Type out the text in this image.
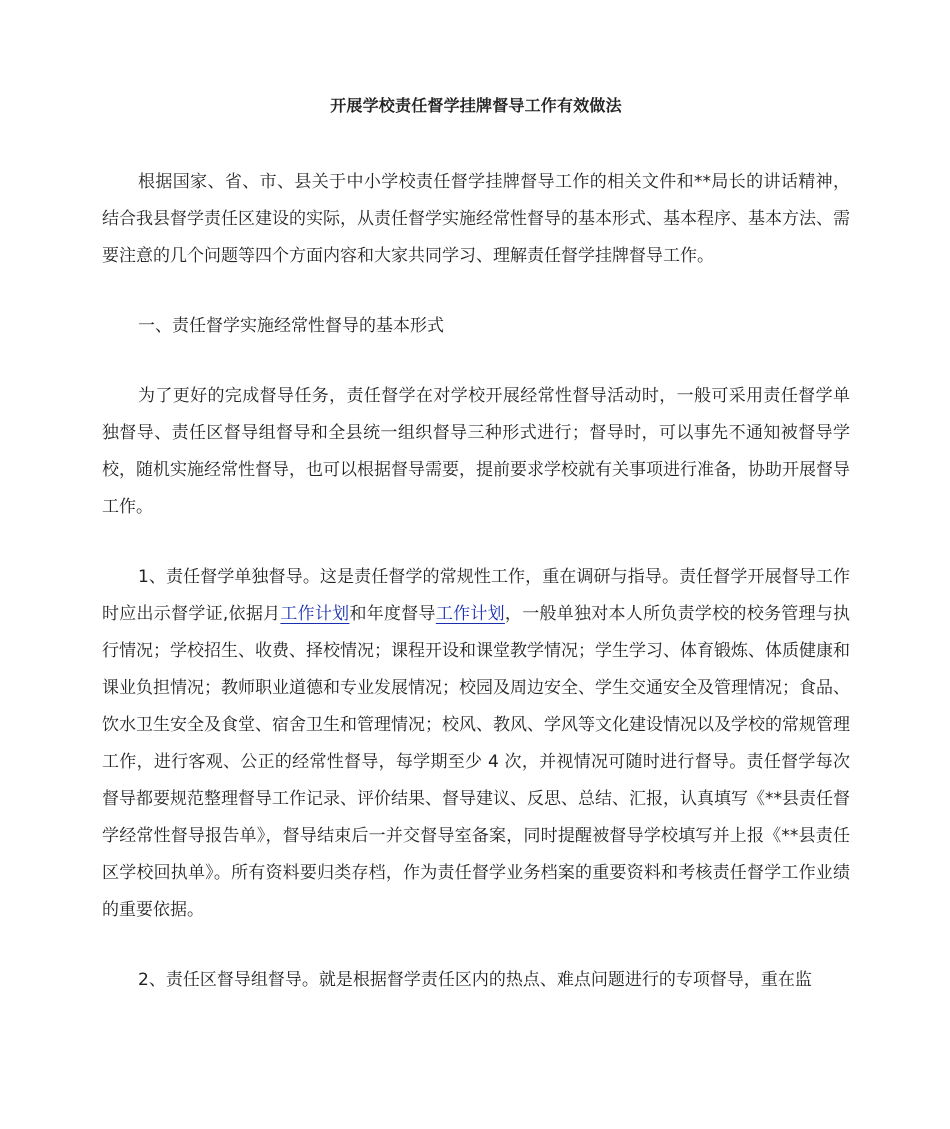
开展学校责任督学挂牌督导工作有效做法

根据国家、省、市、县关于中小学校责任督学挂牌督导工作的相关文件和**局长的讲话精神，结合我县督学责任区建设的实际，从责任督学实施经常性督导的基本形式、基本程序、基本方法、需要注意的几个问题等四个方面内容和大家共同学习、理解责任督学挂牌督导工作。

一、责任督学实施经常性督导的基本形式

为了更好的完成督导任务，责任督学在对学校开展经常性督导活动时，一般可采用责任督学单独督导、责任区督导组督导和全县统一组织督导三种形式进行；督导时，可以事先不通知被督导学校，随机实施经常性督导，也可以根据督导需要，提前要求学校就有关事项进行准备，协助开展督导工作。

1、责任督学单独督导。这是责任督学的常规性工作，重在调研与指导。责任督学开展督导工作时应出示督学证,依据月工作计划和年度督导工作计划，一般单独对本人所负责学校的校务管理与执行情况；学校招生、收费、择校情况；课程开设和课堂教学情况；学生学习、体育锻炼、体质健康和课业负担情况；教师职业道德和专业发展情况；校园及周边安全、学生交通安全及管理情况；食品、饮水卫生安全及食堂、宿舍卫生和管理情况；校风、教风、学风等文化建设情况以及学校的常规管理工作，进行客观、公正的经常性督导，每学期至少 4 次，并视情况可随时进行督导。责任督学每次督导都要规范整理督导工作记录、评价结果、督导建议、反思、总结、汇报，认真填写《**县责任督学经常性督导报告单》，督导结束后一并交督导室备案，同时提醒被督导学校填写并上报《**县责任区学校回执单》。所有资料要归类存档，作为责任督学业务档案的重要资料和考核责任督学工作业绩的重要依据。

2、责任区督导组督导。就是根据督学责任区内的热点、难点问题进行的专项督导，重在监
